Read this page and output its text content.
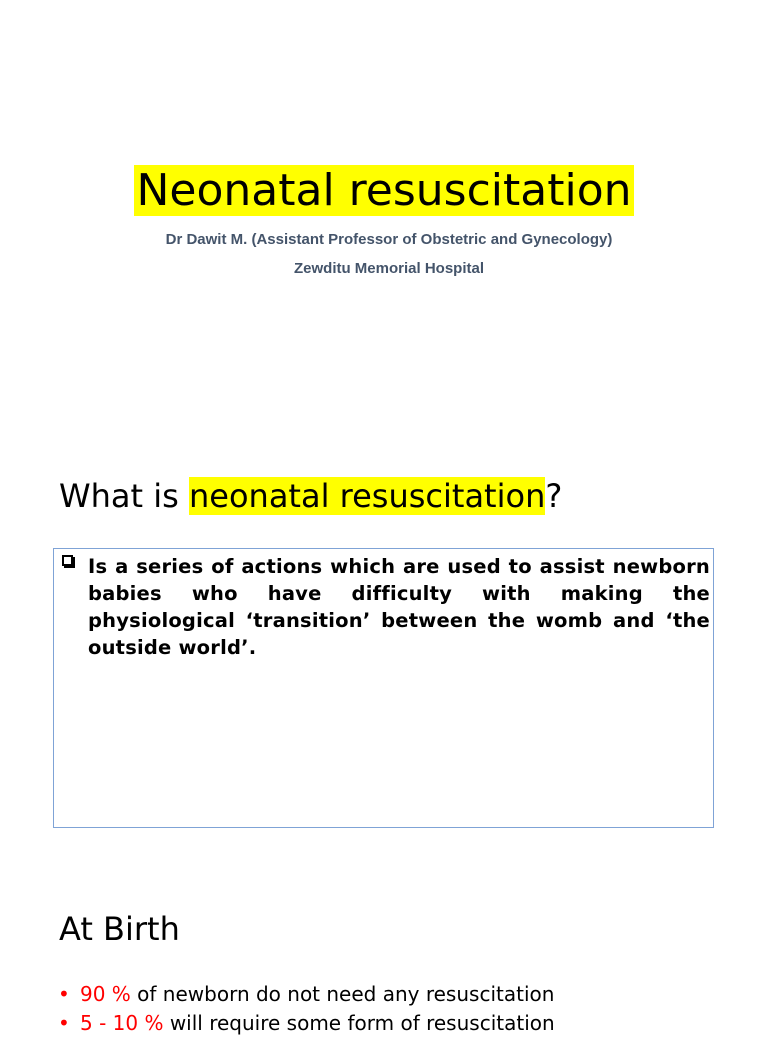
Neonatal resuscitation
Dr Dawit M. (Assistant Professor of Obstetric and Gynecology)
Zewditu Memorial Hospital
What is neonatal resuscitation?

Is a series of actions which are used to assist newborn babies who have difficulty with making the physiological ‘transition’ between the womb and ‘the outside world’.

At Birth
• 90 % of newborn do not need any resuscitation
• 5 - 10 % will require some form of resuscitation
